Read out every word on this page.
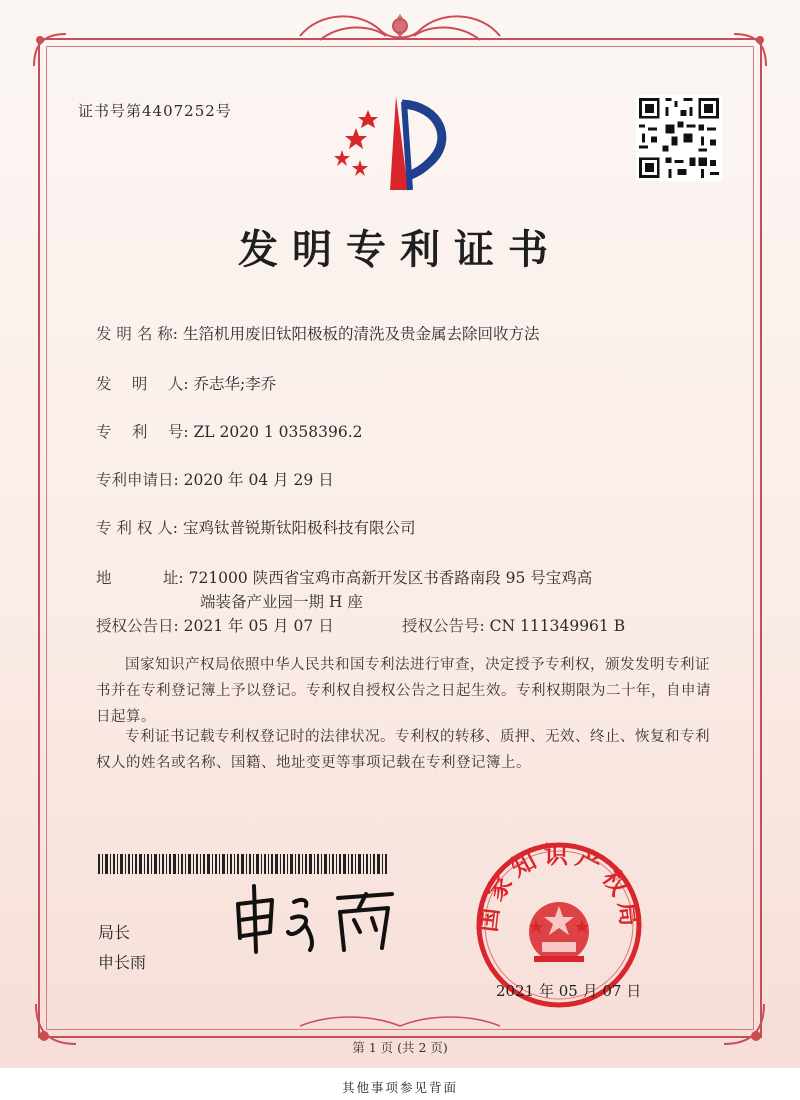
证书号第4407252号
发明专利证书
发 明 名 称: 生箔机用废旧钛阳极板的清洗及贵金属去除回收方法
发　 明　 人: 乔志华;李乔
专　 利　 号: ZL 2020 1 0358396.2
专利申请日: 2020 年 04 月 29 日
专 利 权 人: 宝鸡钛普锐斯钛阳极科技有限公司
地　　　 址: 721000 陕西省宝鸡市高新开发区书香路南段 95 号宝鸡高
端装备产业园一期 H 座
授权公告日: 2021 年 05 月 07 日	授权公告号: CN 111349961 B
国家知识产权局依照中华人民共和国专利法进行审查，决定授予专利权，颁发发明专利证书并在专利登记簿上予以登记。专利权自授权公告之日起生效。专利权期限为二十年，自申请日起算。
专利证书记载专利权登记时的法律状况。专利权的转移、质押、无效、终止、恢复和专利权人的姓名或名称、国籍、地址变更等事项记载在专利登记簿上。
局长
申长雨
国家知识产权局
2021 年 05 月 07 日
第 1 页 (共 2 页)
其他事项参见背面
